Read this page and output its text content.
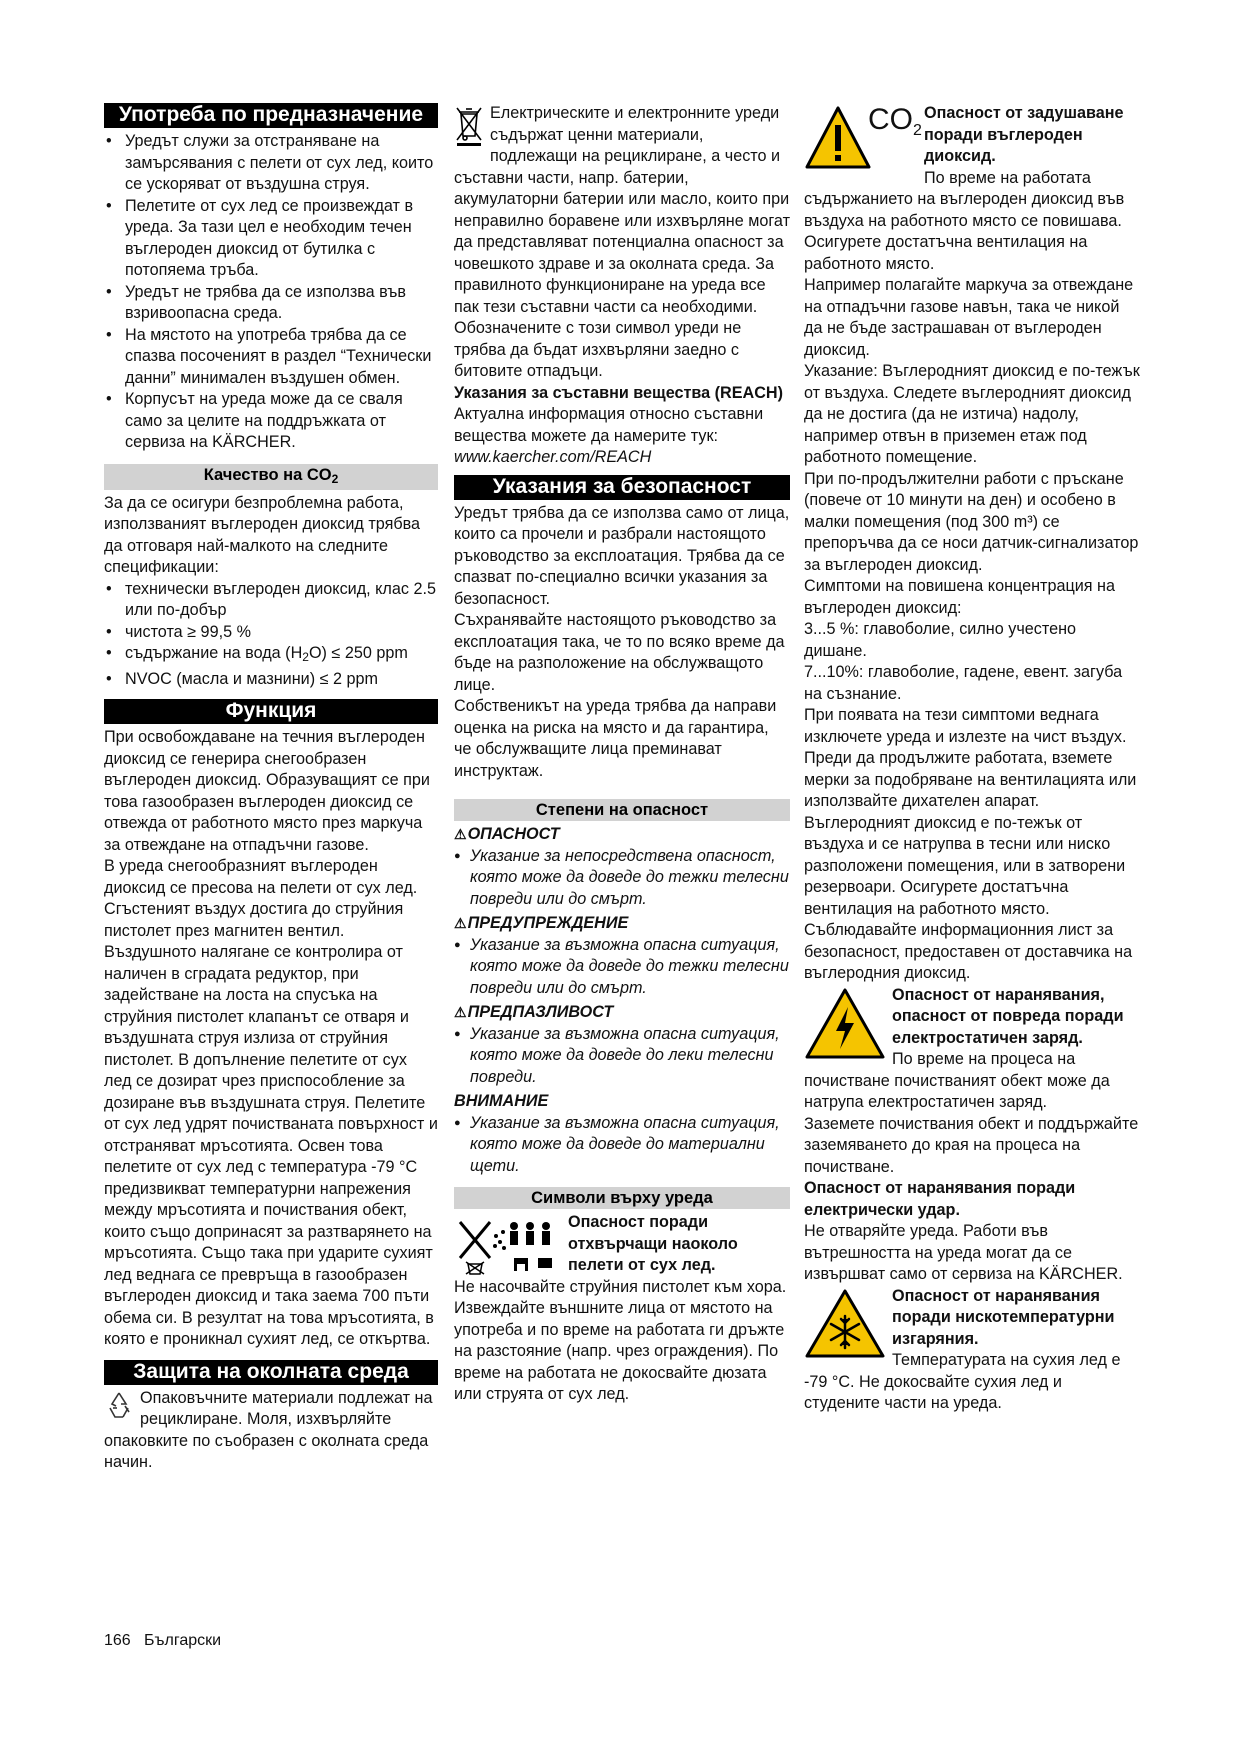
Употреба по предназначение
• Уредът служи за отстраняване на замърсявания с пелети от сух лед, които се ускоряват от въздушна струя.
• Пелетите от сух лед се произвеждат в уреда. За тази цел е необходим течен въглероден диоксид от бутилка с потопяема тръба.
• Уредът не трябва да се използва във взривоопасна среда.
• На мястото на употреба трябва да се спазва посоченият в раздел “Технически данни” минимален въздушен обмен.
• Корпусът на уреда може да се сваля само за целите на поддръжката от сервиза на KÄRCHER.
Качество на $CO_2$

За да се осигури безпроблемна работа, използваният въглероден диоксид трябва да отговаря най-малкото на следните спецификации:

• технически въглероден диоксид, клас 2.5 или по-добър
• чистота ≥ 99,5 %
• съдържание на вода $(H_2O) \le 250$ ppm
• NVOC (масла и мазнини) ≤ 2 ppm
Функция

При освобождаване на течния въглероден диоксид се генерира снегообразен въглероден диоксид. Образуващият се при това газообразен въглероден диоксид се отвежда от работното място през маркуча за отвеждане на отпадъчни газове.

В уреда снегообразният въглероден диоксид се пресова на пелети от сух лед. Сгъстеният въздух достига до струйния пистолет през магнитен вентил. Въздушното налягане се контролира от наличен в сградата редуктор, при задействане на лоста на спусъка на струйния пистолет клапанът се отваря и въздушната струя излиза от струйния пистолет. В допълнение пелетите от сух лед се дозират чрез приспособление за дозиране във въздушната струя. Пелетите от сух лед удрят почистваната повърхност и отстраняват мръсотията. Освен това пелетите от сух лед с температура -79 °C предизвикват температурни напрежения между мръсотията и почиствания обект, които също допринасят за разтварянето на мръсотията. Също така при ударите сухият лед веднага се превръща в газообразен въглероден диоксид и така заема 700 пъти обема си. В резултат на това мръсотията, в която е проникнал сухият лед, се откъртва.

Защита на околната среда

Опаковъчните материали подлежат на рециклиране. Моля, изхвърляйте опаковките по съобразен с околната среда начин.

Електрическите и електронните уреди съдържат ценни материали, подлежащи на рециклиране, а често и съставни части, напр. батерии, акумулаторни батерии или масло, които при неправилно боравене или изхвърляне могат да представляват потенциална опасност за човешкото здраве и за околната среда. За правилното функциониране на уреда все пак тези съставни части са необходими. Обозначените с този символ уреди не трябва да бъдат изхвърляни заедно с битовите отпадъци.

Указания за съставни вещества (REACH)

Актуална информация относно съставни вещества можете да намерите тук:

www.kaercher.com/REACH

Указания за безопасност

Уредът трябва да се използва само от лица, които са прочели и разбрали настоящото ръководство за експлоатация. Трябва да се спазват по-специално всички указания за безопасност.

Съхранявайте настоящото ръководство за експлоатация така, че то по всяко време да бъде на разположение на обслужващото лице.

Собственикът на уреда трябва да направи оценка на риска на място и да гарантира, че обслужващите лица преминават инструктаж.

Степени на опасност
⚠ОПАСНОСТ
● Указание за непосредствена опасност, която може да доведе до тежки телесни повреди или до смърт.
⚠ПРЕДУПРЕЖДЕНИЕ
● Указание за възможна опасна ситуация, която може да доведе до тежки телесни повреди или до смърт.
⚠ПРЕДПАЗЛИВОСТ
● Указание за възможна опасна ситуация, която може да доведе до леки телесни повреди.
ВНИМАНИЕ
● Указание за възможна опасна ситуация, която може да доведе до материални щети.
Символи върху уреда

Опасност поради отхвърчащи наоколо пелети от сух лед.

Не насочвайте струйния пистолет към хора.

Извеждайте външните лица от мястото на употреба и по време на работата ги дръжте на разстояние (напр. чрез ограждения). По време на работата не докосвайте дюзата или струята от сух лед.

$CO_2$

Опасност от задушаване поради въглероден диоксид.

По време на работата съдържанието на въглероден диоксид във въздуха на работното място се повишава.

Осигурете достатъчна вентилация на работното място.

Например полагайте маркуча за отвеждане на отпадъчни газове навън, така че никой да не бъде застрашаван от въглероден диоксид.

Указание: Въглеродният диоксид е по-тежък от въздуха. Следете въглеродният диоксид да не достига (да не изтича) надолу, например отвън в приземен етаж под работното помещение.

При по-продължителни работи с пръскане (повече от 10 минути на ден) и особено в малки помещения (под 300 m³) се препоръчва да се носи датчик-сигнализатор за въглероден диоксид.

Симптоми на повишена концентрация на въглероден диоксид:

3...5 %: главоболие, силно учестено дишане.

7...10%: главоболие, гадене, евент. загуба на съзнание.

При появата на тези симптоми веднага изключете уреда и излезте на чист въздух. Преди да продължите работата, вземете мерки за подобряване на вентилацията или използвайте дихателен апарат.

Въглеродният диоксид е по-тежък от въздуха и се натрупва в тесни или ниско разположени помещения, или в затворени резервоари. Осигурете достатъчна вентилация на работното място.

Съблюдавайте информационния лист за безопасност, предоставен от доставчика на въглеродния диоксид.

Опасност от наранявания, опасност от повреда поради електростатичен заряд.

По време на процеса на почистване почистваният обект може да натрупа електростатичен заряд.

Заземете почиствания обект и поддържайте заземяването до края на процеса на почистване.

Опасност от наранявания поради електрически удар.

Не отваряйте уреда. Работи във вътрешността на уреда могат да се извършват само от сервиза на KÄRCHER.

Опасност от наранявания поради нискотемпературни изгаряния.

Температурата на сухия лед е -79 °C. Не докосвайте сухия лед и студените части на уреда.

166 Български
